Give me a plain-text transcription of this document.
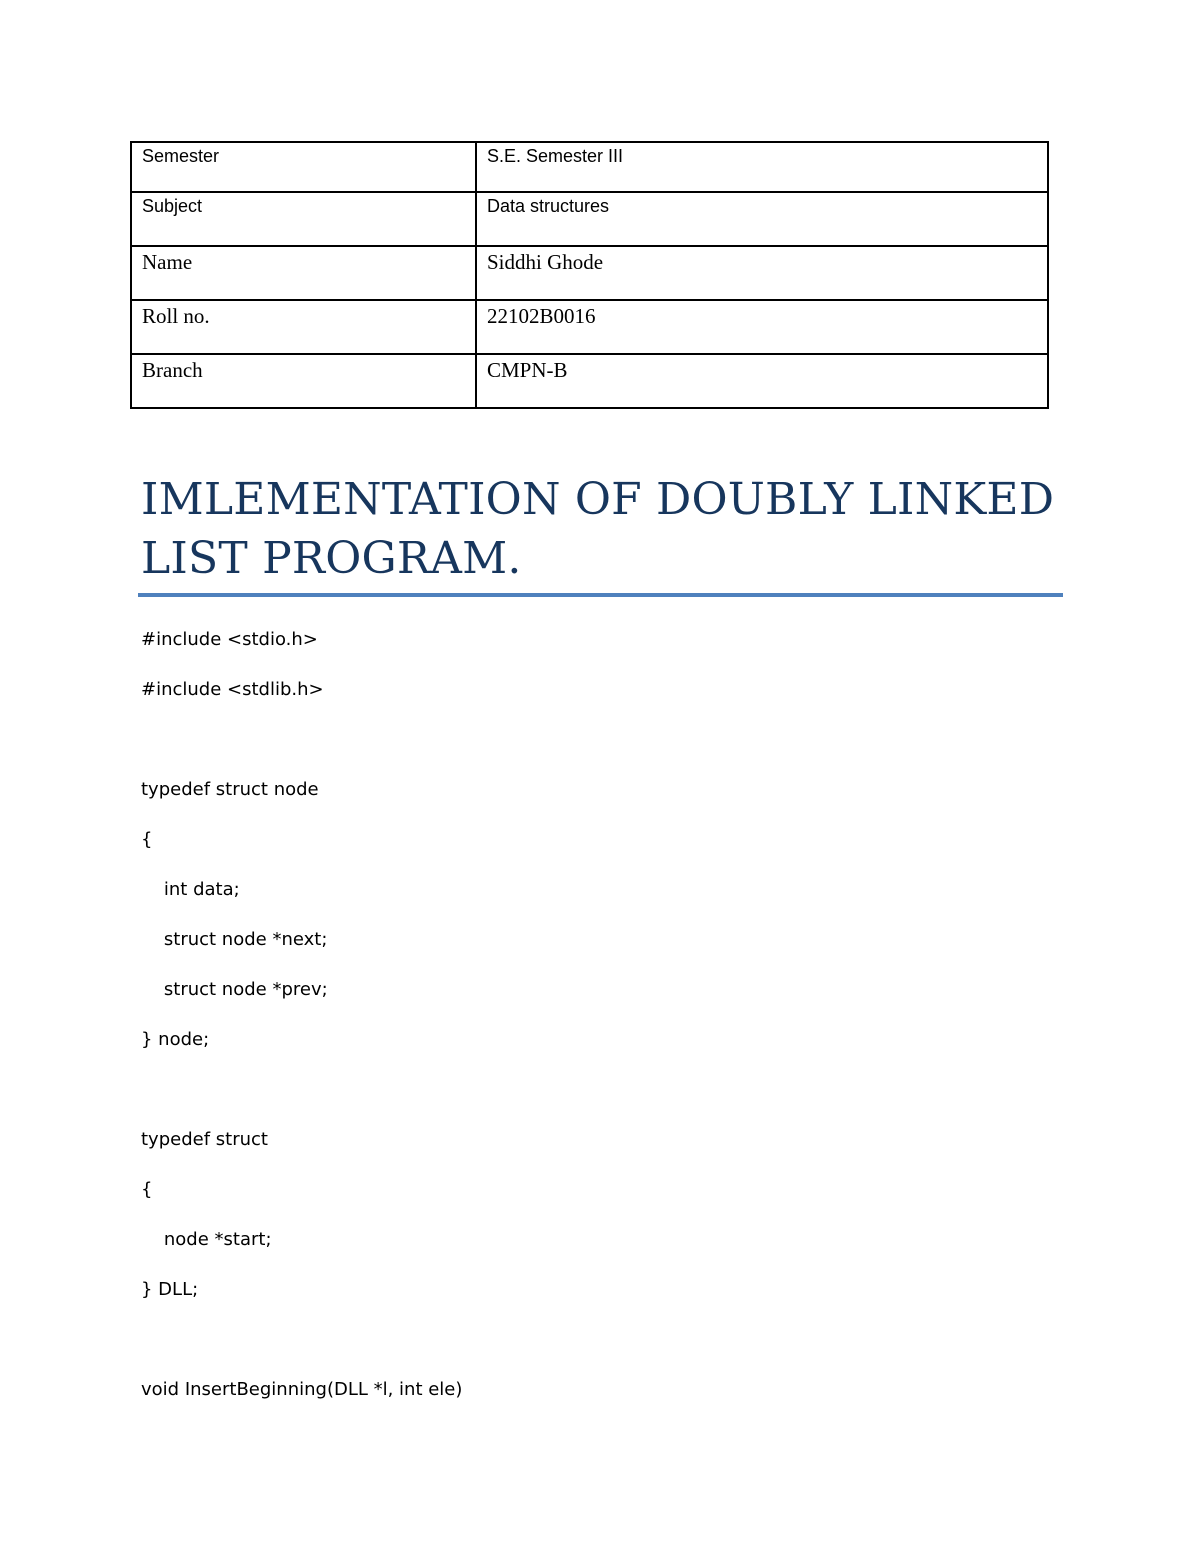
Semester	S.E. Semester III
Subject	Data structures
Name	Siddhi Ghode
Roll no.	22102B0016
Branch	CMPN-B
IMLEMENTATION OF DOUBLY LINKED
LIST PROGRAM.
#include <stdio.h>
#include <stdlib.h>
typedef struct node
{
int data;
struct node *next;
struct node *prev;
} node;
typedef struct
{
node *start;
} DLL;
void InsertBeginning(DLL *l, int ele)
